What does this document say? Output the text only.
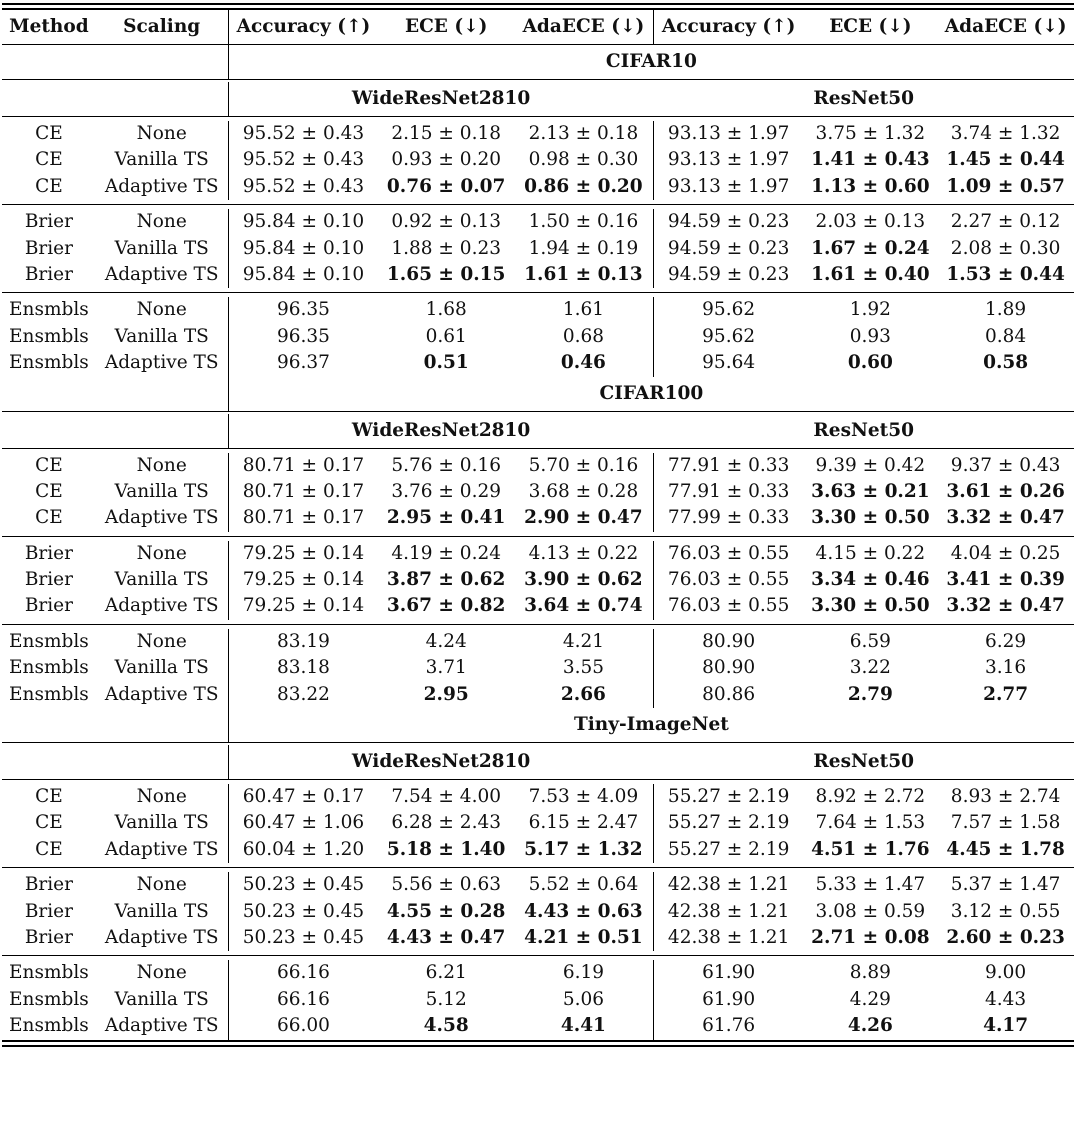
Method	Scaling	Accuracy (↑)	ECE (↓)	AdaECE (↓) Accuracy (↑)	ECE (↓)	AdaECE (↓)
CIFAR10
WideResNet2810	ResNet50
CE	None	95.52 ± 0.43	2.15 ± 0.18	2.13 ± 0.18	93.13 ± 1.97	3.75 ± 1.32	3.74 ± 1.32
CE	Vanilla TS	95.52 ± 0.43	0.93 ± 0.20	0.98 ± 0.30	93.13 ± 1.97	1.41 ± 0.43 1.45 ± 0.44
CE	Adaptive TS	95.52 ± 0.43	0.76 ± 0.07	0.86 ± 0.20	93.13 ± 1.97	1.13 ± 0.60 1.09 ± 0.57
Brier	None	95.84 ± 0.10	0.92 ± 0.13	1.50 ± 0.16	94.59 ± 0.23	2.03 ± 0.13	2.27 ± 0.12
Brier	Vanilla TS	95.84 ± 0.10	1.88 ± 0.23	1.94 ± 0.19	94.59 ± 0.23	1.67 ± 0.24	2.08 ± 0.30
Brier	Adaptive TS	95.84 ± 0.10	1.65 ± 0.15	1.61 ± 0.13	94.59 ± 0.23	1.61 ± 0.40 1.53 ± 0.44
Ensmbls	None	96.35	1.68	1.61	95.62	1.92	1.89
Ensmbls	Vanilla TS	96.35	0.61	0.68	95.62	0.93	0.84
Ensmbls Adaptive TS	96.37	0.51	0.46	95.64	0.60	0.58
CIFAR100
WideResNet2810	ResNet50
CE	None	80.71 ± 0.17	5.76 ± 0.16	5.70 ± 0.16	77.91 ± 0.33	9.39 ± 0.42	9.37 ± 0.43
CE	Vanilla TS	80.71 ± 0.17	3.76 ± 0.29	3.68 ± 0.28	77.91 ± 0.33	3.63 ± 0.21 3.61 ± 0.26
CE	Adaptive TS	80.71 ± 0.17	2.95 ± 0.41	2.90 ± 0.47	77.99 ± 0.33	3.30 ± 0.50 3.32 ± 0.47
Brier	None	79.25 ± 0.14	4.19 ± 0.24	4.13 ± 0.22	76.03 ± 0.55	4.15 ± 0.22	4.04 ± 0.25
Brier	Vanilla TS	79.25 ± 0.14	3.87 ± 0.62	3.90 ± 0.62	76.03 ± 0.55	3.34 ± 0.46 3.41 ± 0.39
Brier	Adaptive TS	79.25 ± 0.14	3.67 ± 0.82	3.64 ± 0.74	76.03 ± 0.55	3.30 ± 0.50 3.32 ± 0.47
Ensmbls	None	83.19	4.24	4.21	80.90	6.59	6.29
Ensmbls	Vanilla TS	83.18	3.71	3.55	80.90	3.22	3.16
Ensmbls Adaptive TS	83.22	2.95	2.66	80.86	2.79	2.77
Tiny-ImageNet
WideResNet2810	ResNet50
CE	None	60.47 ± 0.17	7.54 ± 4.00	7.53 ± 4.09	55.27 ± 2.19	8.92 ± 2.72	8.93 ± 2.74
CE	Vanilla TS	60.47 ± 1.06	6.28 ± 2.43	6.15 ± 2.47	55.27 ± 2.19	7.64 ± 1.53	7.57 ± 1.58
CE	Adaptive TS	60.04 ± 1.20	5.18 ± 1.40	5.17 ± 1.32	55.27 ± 2.19	4.51 ± 1.76 4.45 ± 1.78
Brier	None	50.23 ± 0.45	5.56 ± 0.63	5.52 ± 0.64	42.38 ± 1.21	5.33 ± 1.47	5.37 ± 1.47
Brier	Vanilla TS	50.23 ± 0.45	4.55 ± 0.28	4.43 ± 0.63	42.38 ± 1.21	3.08 ± 0.59	3.12 ± 0.55
Brier	Adaptive TS	50.23 ± 0.45	4.43 ± 0.47	4.21 ± 0.51	42.38 ± 1.21	2.71 ± 0.08 2.60 ± 0.23
Ensmbls	None	66.16	6.21	6.19	61.90	8.89	9.00
Ensmbls	Vanilla TS	66.16	5.12	5.06	61.90	4.29	4.43
Ensmbls Adaptive TS	66.00	4.58	4.41	61.76	4.26	4.17
